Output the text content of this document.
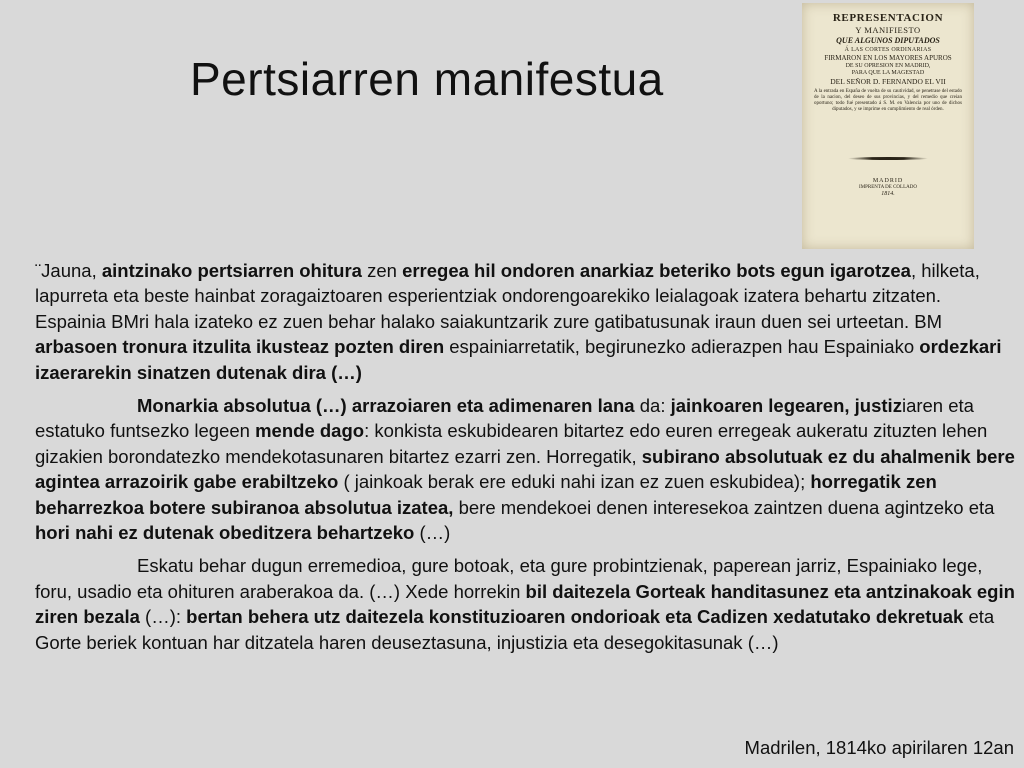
Pertsiarren manifestua
REPRESENTACION
Y MANIFIESTO
QUE ALGUNOS DIPUTADOS
Á LAS CORTES ORDINARIAS
FIRMARON EN LOS MAYORES APUROS
DE SU OPRESION EN MADRID,
PARA QUE LA MAGESTAD
DEL SEÑOR D. FERNANDO EL VII
A la entrada en España de vuelta de su cautividad, se penetrase del estado de la nacion, del deseo de sus provincias, y del remedio que creian oportuno; todo fué presentado á S. M. en Valencia por uno de dichos diputados, y se imprime en cumplimiento de real órden.
MADRID
IMPRENTA DE COLLADO
1814.

¨Jauna, aintzinako pertsiarren ohitura zen erregea hil ondoren anarkiaz beteriko bots egun igarotzea, hilketa, lapurreta eta beste hainbat zoragaiztoaren esperientziak ondorengoarekiko leialagoak izatera behartu zitzaten. Espainia BMri hala izateko ez zuen behar halako saiakuntzarik zure gatibatusunak iraun duen sei urteetan. BM arbasoen tronura itzulita ikusteaz pozten diren espainiarretatik, begirunezko adierazpen hau Espainiako ordezkari izaerarekin sinatzen dutenak dira (…)

Monarkia absolutua (…) arrazoiaren eta adimenaren lana da: jainkoaren legearen, justiziaren eta estatuko funtsezko legeen mende dago: konkista eskubidearen bitartez edo euren erregeak aukeratu zituzten lehen gizakien borondatezko mendekotasunaren bitartez ezarri zen. Horregatik, subirano absolutuak ez du ahalmenik bere agintea arrazoirik gabe erabiltzeko ( jainkoak berak ere eduki nahi izan ez zuen eskubidea); horregatik zen beharrezkoa botere subiranoa absolutua izatea, bere mendekoei denen interesekoa zaintzen duena agintzeko eta hori nahi ez dutenak obeditzera behartzeko (…)

Eskatu behar dugun erremedioa, gure botoak, eta gure probintzienak, paperean jarriz, Espainiako lege, foru, usadio eta ohituren araberakoa da. (…) Xede horrekin bil daitezela Gorteak handitasunez eta antzinakoak egin ziren bezala (…): bertan behera utz daitezela konstituzioaren ondorioak eta Cadizen xedatutako dekretuak eta Gorte beriek kontuan har ditzatela haren deuseztasuna, injustizia eta desegokitasunak (…)

Madrilen, 1814ko apirilaren 12an
